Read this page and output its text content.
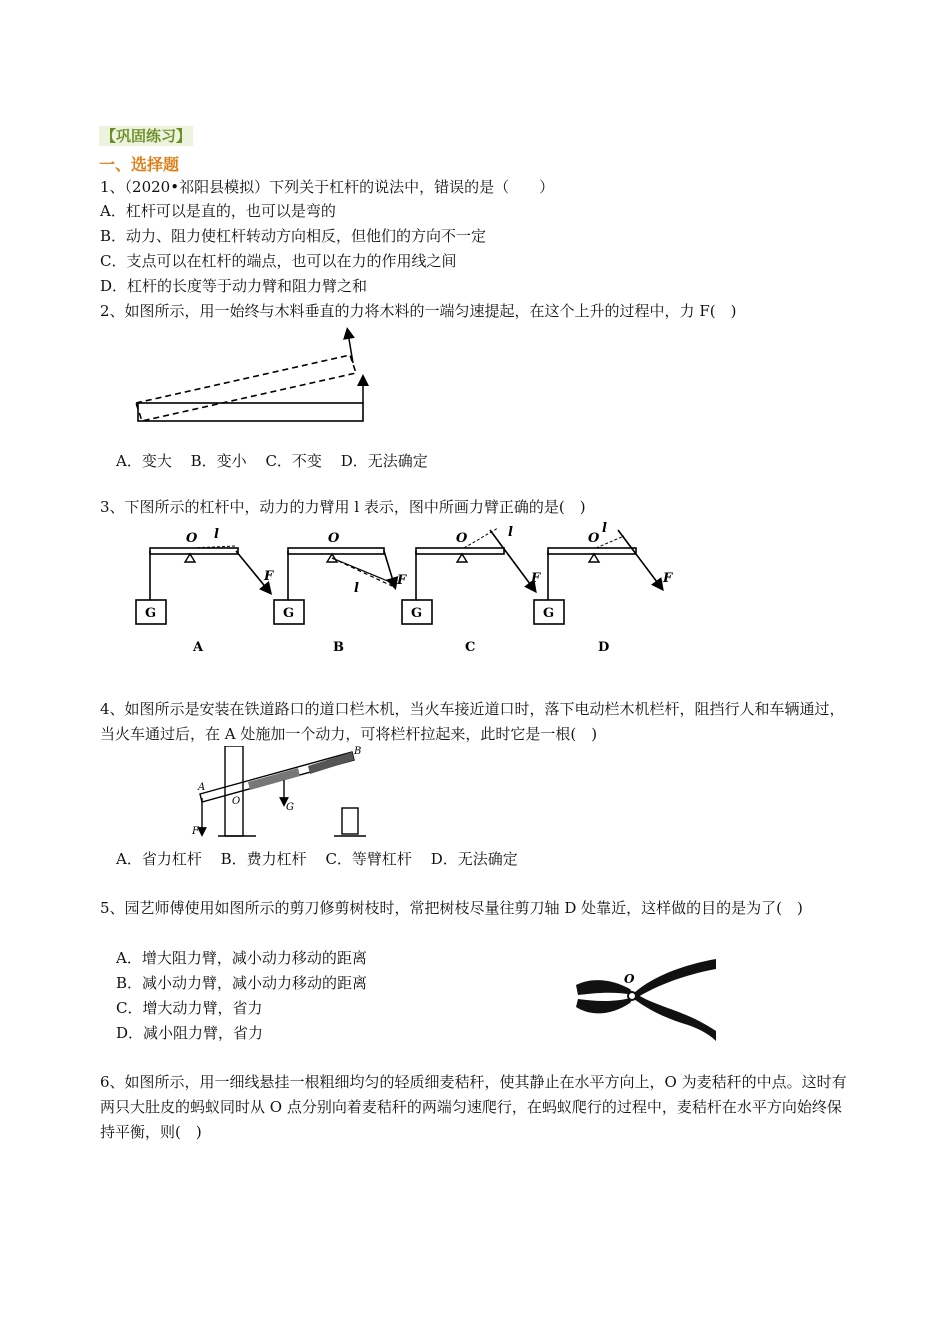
【巩固练习】
一、选择题
1、（2020•祁阳县模拟）下列关于杠杆的说法中，错误的是（　　）
A．杠杆可以是直的，也可以是弯的
B．动力、阻力使杠杆转动方向相反，但他们的方向不一定
C．支点可以在杠杆的端点，也可以在力的作用线之间
D．杠杆的长度等于动力臂和阻力臂之和
2、如图所示，用一始终与木料垂直的力将木料的一端匀速提起，在这个上升的过程中，力 F(　)
A．变大 B．变小 C．不变 D．无法确定
3、下图所示的杠杆中，动力的力臂用 l 表示，图中所画力臂正确的是(　)
O l
F
G
A
O
l
F
G
B
O	l
F
G
C
O
l
F
G
D
4、如图所示是安装在铁道路口的道口栏木机，当火车接近道口时，落下电动栏木机栏杆，阻挡行人和车辆通过，当火车通过后，在 A 处施加一个动力，可将栏杆拉起来，此时它是一根(　)
A
B
O
G
F
A．省力杠杆 B．费力杠杆 C．等臂杠杆 D．无法确定
5、园艺师傅使用如图所示的剪刀修剪树枝时，常把树枝尽量往剪刀轴 D 处靠近，这样做的目的是为了(　)
A．增大阻力臂，减小动力移动的距离
B．减小动力臂，减小动力移动的距离
C．增大动力臂，省力
D．减小阻力臂，省力
O
6、如图所示，用一细线悬挂一根粗细均匀的轻质细麦秸秆，使其静止在水平方向上，O 为麦秸秆的中点。这时有两只大肚皮的蚂蚁同时从 O 点分别向着麦秸秆的两端匀速爬行，在蚂蚁爬行的过程中，麦秸杆在水平方向始终保持平衡，则(　)
